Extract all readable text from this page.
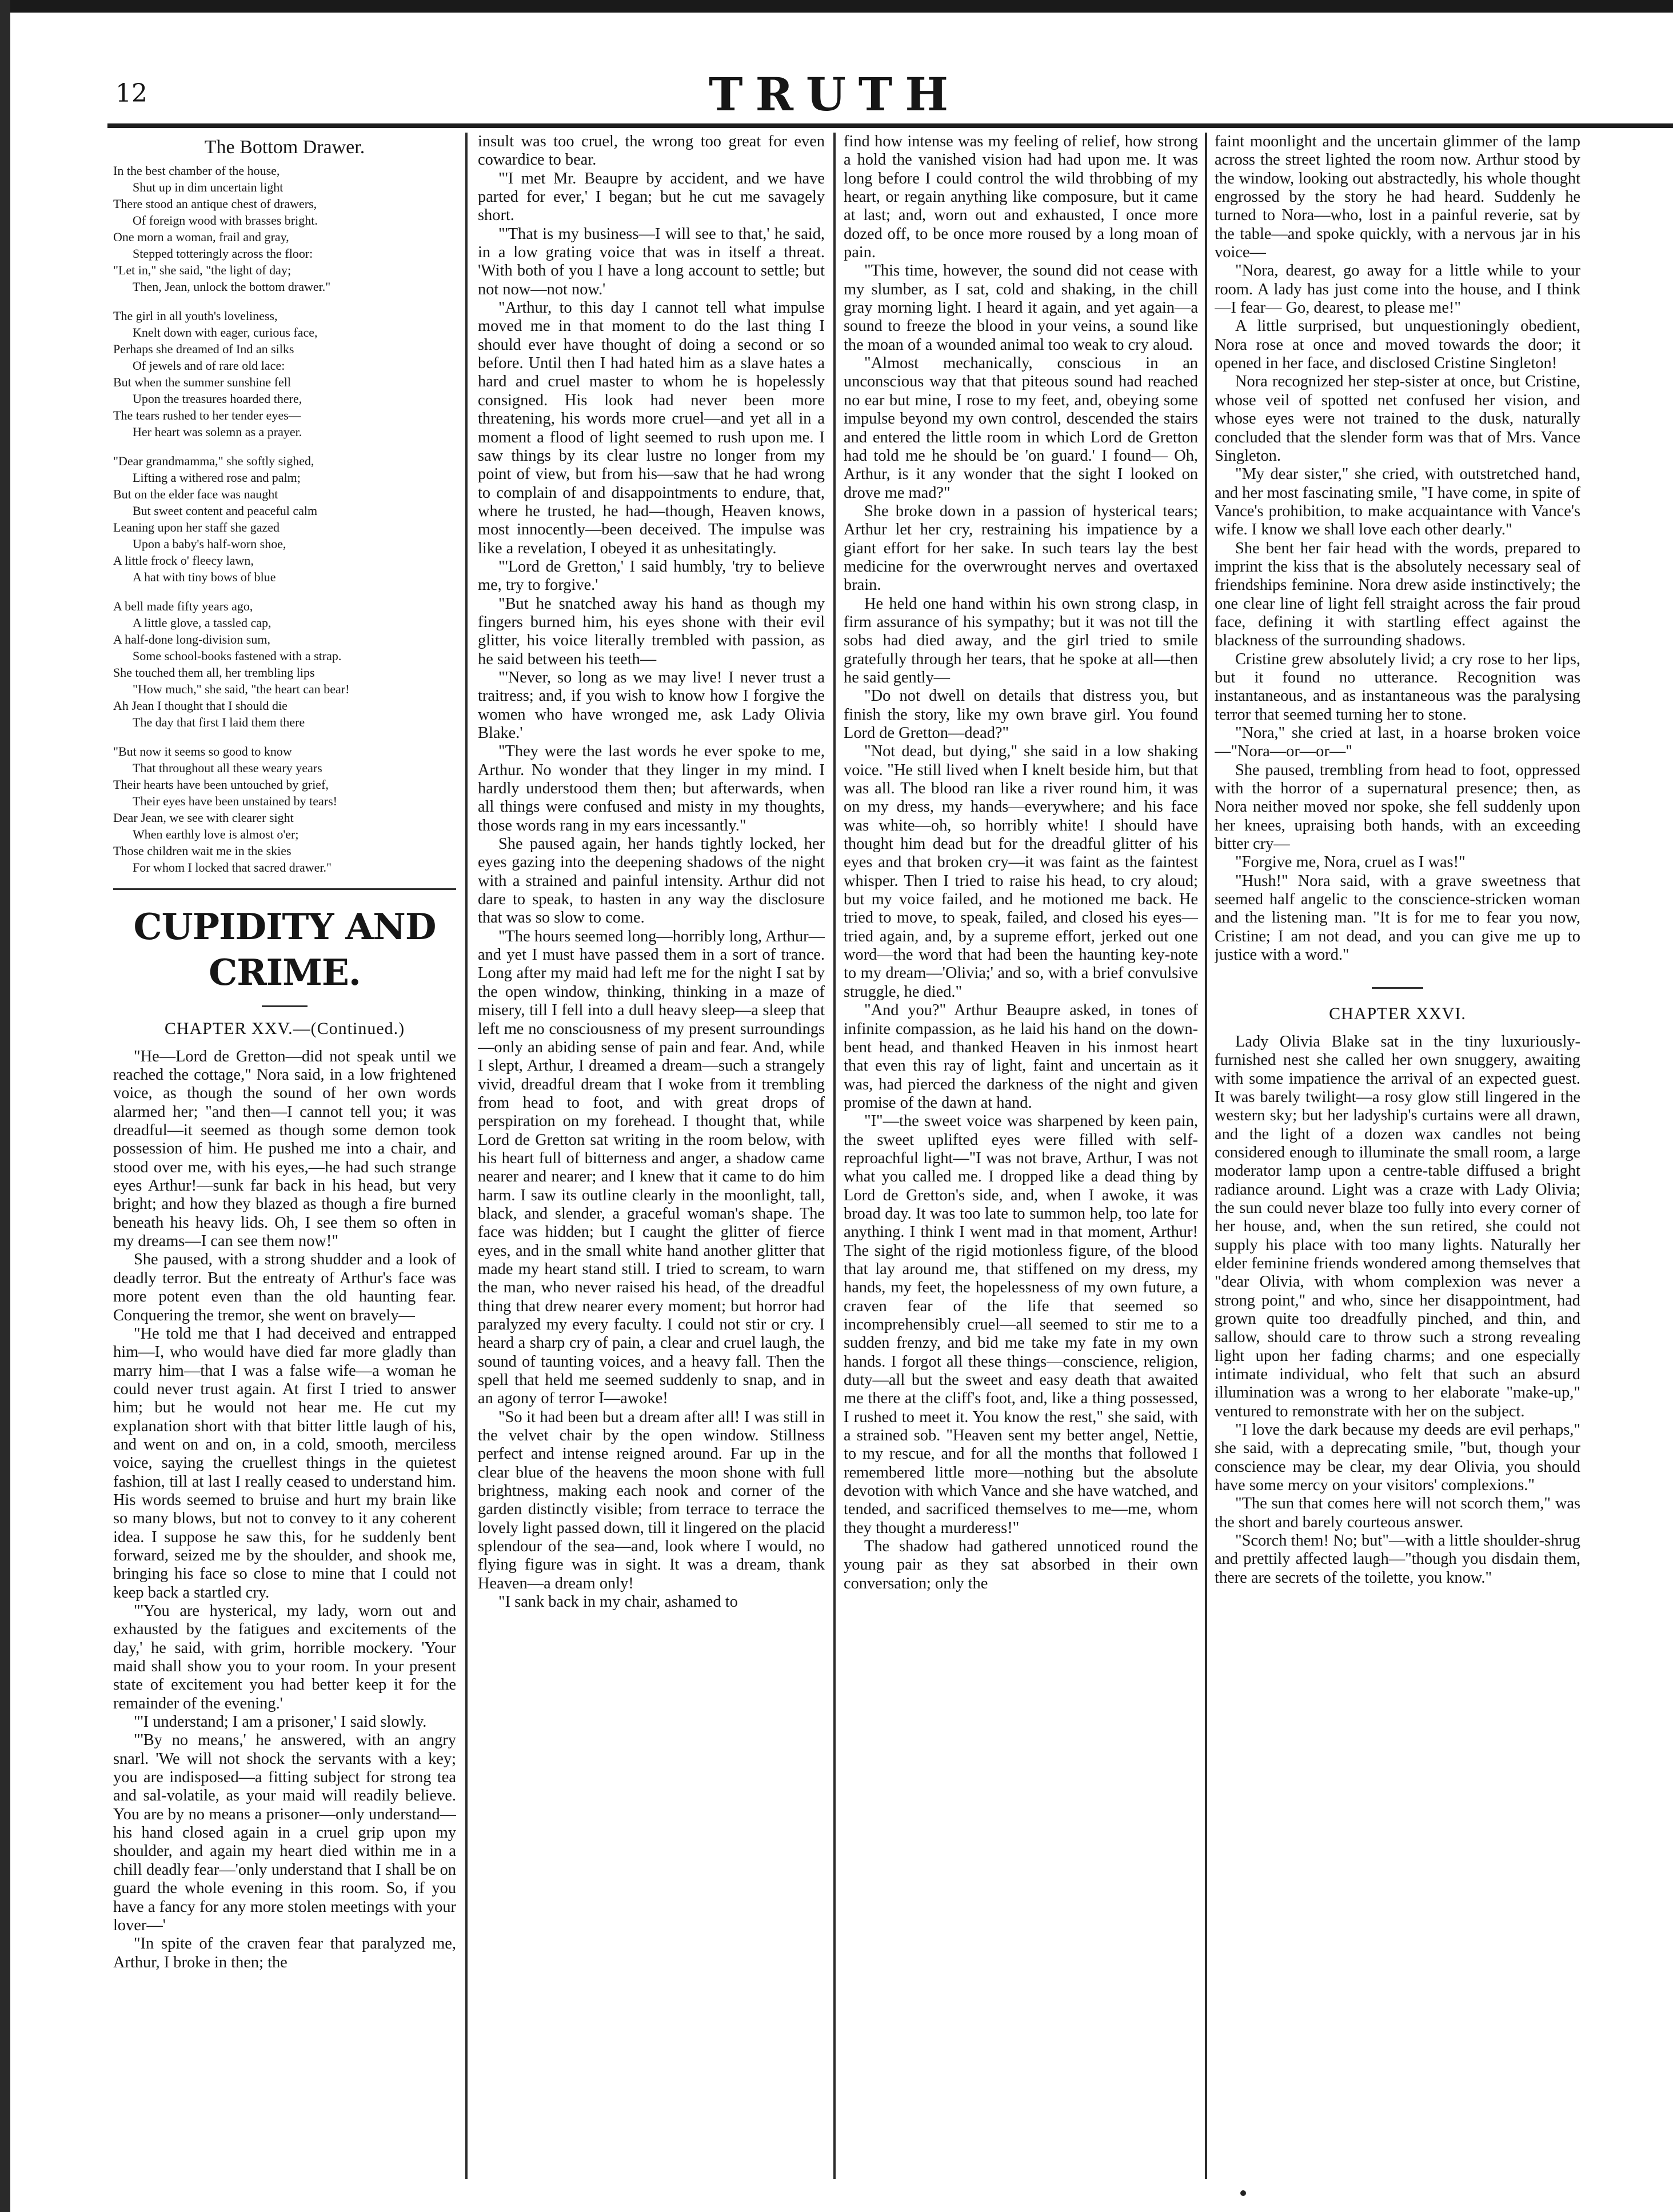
12	TRUTH
The Bottom Drawer.
In the best chamber of the house,
Shut up in dim uncertain light
There stood an antique chest of drawers,
Of foreign wood with brasses bright.
One morn a woman, frail and gray,
Stepped totteringly across the floor:
"Let in," she said, "the light of day;
Then, Jean, unlock the bottom drawer."
The girl in all youth's loveliness,
Knelt down with eager, curious face,
Perhaps she dreamed of Ind an silks
Of jewels and of rare old lace:
But when the summer sunshine fell
Upon the treasures hoarded there,
The tears rushed to her tender eyes—
Her heart was solemn as a prayer.
"Dear grandmamma," she softly sighed,
Lifting a withered rose and palm;
But on the elder face was naught
But sweet content and peaceful calm
Leaning upon her staff she gazed
Upon a baby's half-worn shoe,
A little frock o' fleecy lawn,
A hat with tiny bows of blue
A bell made fifty years ago,
A little glove, a tassled cap,
A half-done long-division sum,
Some school-books fastened with a strap.
She touched them all, her trembling lips
"How much," she said, "the heart can bear!
Ah Jean I thought that I should die
The day that first I laid them there
"But now it seems so good to know
That throughout all these weary years
Their hearts have been untouched by grief,
Their eyes have been unstained by tears!
Dear Jean, we see with clearer sight
When earthly love is almost o'er;
Those children wait me in the skies
For whom I locked that sacred drawer."
CUPIDITY AND CRIME.
CHAPTER XXV.—(Continued.)

"He—Lord de Gretton—did not speak until we reached the cottage," Nora said, in a low frightened voice, as though the sound of her own words alarmed her; "and then—I cannot tell you; it was dreadful—it seemed as though some demon took possession of him. He pushed me into a chair, and stood over me, with his eyes,—he had such strange eyes Arthur!—sunk far back in his head, but very bright; and how they blazed as though a fire burned beneath his heavy lids. Oh, I see them so often in my dreams—I can see them now!"

She paused, with a strong shudder and a look of deadly terror. But the entreaty of Arthur's face was more potent even than the old haunting fear. Conquering the tremor, she went on bravely—

"He told me that I had deceived and entrapped him—I, who would have died far more gladly than marry him—that I was a false wife—a woman he could never trust again. At first I tried to answer him; but he would not hear me. He cut my explanation short with that bitter little laugh of his, and went on and on, in a cold, smooth, merciless voice, saying the cruellest things in the quietest fashion, till at last I really ceased to understand him. His words seemed to bruise and hurt my brain like so many blows, but not to convey to it any coherent idea. I suppose he saw this, for he suddenly bent forward, seized me by the shoulder, and shook me, bringing his face so close to mine that I could not keep back a startled cry.

"'You are hysterical, my lady, worn out and exhausted by the fatigues and excitements of the day,' he said, with grim, horrible mockery. 'Your maid shall show you to your room. In your present state of excitement you had better keep it for the remainder of the evening.'

"'I understand; I am a prisoner,' I said slowly.

"'By no means,' he answered, with an angry snarl. 'We will not shock the servants with a key; you are indisposed—a fitting subject for strong tea and sal-volatile, as your maid will readily believe. You are by no means a prisoner—only understand—his hand closed again in a cruel grip upon my shoulder, and again my heart died within me in a chill deadly fear—'only understand that I shall be on guard the whole evening in this room. So, if you have a fancy for any more stolen meetings with your lover—'

"In spite of the craven fear that paralyzed me, Arthur, I broke in then; the

insult was too cruel, the wrong too great for even cowardice to bear.

"'I met Mr. Beaupre by accident, and we have parted for ever,' I began; but he cut me savagely short.

"'That is my business—I will see to that,' he said, in a low grating voice that was in itself a threat. 'With both of you I have a long account to settle; but not now—not now.'

"Arthur, to this day I cannot tell what impulse moved me in that moment to do the last thing I should ever have thought of doing a second or so before. Until then I had hated him as a slave hates a hard and cruel master to whom he is hopelessly consigned. His look had never been more threatening, his words more cruel—and yet all in a moment a flood of light seemed to rush upon me. I saw things by its clear lustre no longer from my point of view, but from his—saw that he had wrong to complain of and disappointments to endure, that, where he trusted, he had—though, Heaven knows, most innocently—been deceived. The impulse was like a revelation, I obeyed it as unhesitatingly.

"'Lord de Gretton,' I said humbly, 'try to believe me, try to forgive.'

"But he snatched away his hand as though my fingers burned him, his eyes shone with their evil glitter, his voice literally trembled with passion, as he said between his teeth—

"'Never, so long as we may live! I never trust a traitress; and, if you wish to know how I forgive the women who have wronged me, ask Lady Olivia Blake.'

"They were the last words he ever spoke to me, Arthur. No wonder that they linger in my mind. I hardly understood them then; but afterwards, when all things were confused and misty in my thoughts, those words rang in my ears incessantly."

She paused again, her hands tightly locked, her eyes gazing into the deepening shadows of the night with a strained and painful intensity. Arthur did not dare to speak, to hasten in any way the disclosure that was so slow to come.

"The hours seemed long—horribly long, Arthur—and yet I must have passed them in a sort of trance. Long after my maid had left me for the night I sat by the open window, thinking, thinking in a maze of misery, till I fell into a dull heavy sleep—a sleep that left me no consciousness of my present surroundings—only an abiding sense of pain and fear. And, while I slept, Arthur, I dreamed a dream—such a strangely vivid, dreadful dream that I woke from it trembling from head to foot, and with great drops of perspiration on my forehead. I thought that, while Lord de Gretton sat writing in the room below, with his heart full of bitterness and anger, a shadow came nearer and nearer; and I knew that it came to do him harm. I saw its outline clearly in the moonlight, tall, black, and slender, a graceful woman's shape. The face was hidden; but I caught the glitter of fierce eyes, and in the small white hand another glitter that made my heart stand still. I tried to scream, to warn the man, who never raised his head, of the dreadful thing that drew nearer every moment; but horror had paralyzed my every faculty. I could not stir or cry. I heard a sharp cry of pain, a clear and cruel laugh, the sound of taunting voices, and a heavy fall. Then the spell that held me seemed suddenly to snap, and in an agony of terror I—awoke!

"So it had been but a dream after all! I was still in the velvet chair by the open window. Stillness perfect and intense reigned around. Far up in the clear blue of the heavens the moon shone with full brightness, making each nook and corner of the garden distinctly visible; from terrace to terrace the lovely light passed down, till it lingered on the placid splendour of the sea—and, look where I would, no flying figure was in sight. It was a dream, thank Heaven—a dream only!

"I sank back in my chair, ashamed to

find how intense was my feeling of relief, how strong a hold the vanished vision had had upon me. It was long before I could control the wild throbbing of my heart, or regain anything like composure, but it came at last; and, worn out and exhausted, I once more dozed off, to be once more roused by a long moan of pain.

"This time, however, the sound did not cease with my slumber, as I sat, cold and shaking, in the chill gray morning light. I heard it again, and yet again—a sound to freeze the blood in your veins, a sound like the moan of a wounded animal too weak to cry aloud.

"Almost mechanically, conscious in an unconscious way that that piteous sound had reached no ear but mine, I rose to my feet, and, obeying some impulse beyond my own control, descended the stairs and entered the little room in which Lord de Gretton had told me he should be 'on guard.' I found— Oh, Arthur, is it any wonder that the sight I looked on drove me mad?"

She broke down in a passion of hysterical tears; Arthur let her cry, restraining his impatience by a giant effort for her sake. In such tears lay the best medicine for the overwrought nerves and overtaxed brain.

He held one hand within his own strong clasp, in firm assurance of his sympathy; but it was not till the sobs had died away, and the girl tried to smile gratefully through her tears, that he spoke at all—then he said gently—

"Do not dwell on details that distress you, but finish the story, like my own brave girl. You found Lord de Gretton—dead?"

"Not dead, but dying," she said in a low shaking voice. "He still lived when I knelt beside him, but that was all. The blood ran like a river round him, it was on my dress, my hands—everywhere; and his face was white—oh, so horribly white! I should have thought him dead but for the dreadful glitter of his eyes and that broken cry—it was faint as the faintest whisper. Then I tried to raise his head, to cry aloud; but my voice failed, and he motioned me back. He tried to move, to speak, failed, and closed his eyes—tried again, and, by a supreme effort, jerked out one word—the word that had been the haunting key-note to my dream—'Olivia;' and so, with a brief convulsive struggle, he died."

"And you?" Arthur Beaupre asked, in tones of infinite compassion, as he laid his hand on the down-bent head, and thanked Heaven in his inmost heart that even this ray of light, faint and uncertain as it was, had pierced the darkness of the night and given promise of the dawn at hand.

"I"—the sweet voice was sharpened by keen pain, the sweet uplifted eyes were filled with self-reproachful light—"I was not brave, Arthur, I was not what you called me. I dropped like a dead thing by Lord de Gretton's side, and, when I awoke, it was broad day. It was too late to summon help, too late for anything. I think I went mad in that moment, Arthur! The sight of the rigid motionless figure, of the blood that lay around me, that stiffened on my dress, my hands, my feet, the hopelessness of my own future, a craven fear of the life that seemed so incomprehensibly cruel—all seemed to stir me to a sudden frenzy, and bid me take my fate in my own hands. I forgot all these things—conscience, religion, duty—all but the sweet and easy death that awaited me there at the cliff's foot, and, like a thing possessed, I rushed to meet it. You know the rest," she said, with a strained sob. "Heaven sent my better angel, Nettie, to my rescue, and for all the months that followed I remembered little more—nothing but the absolute devotion with which Vance and she have watched, and tended, and sacrificed themselves to me—me, whom they thought a murderess!"

The shadow had gathered unnoticed round the young pair as they sat absorbed in their own conversation; only the

faint moonlight and the uncertain glimmer of the lamp across the street lighted the room now. Arthur stood by the window, looking out abstractedly, his whole thought engrossed by the story he had heard. Suddenly he turned to Nora—who, lost in a painful reverie, sat by the table—and spoke quickly, with a nervous jar in his voice—

"Nora, dearest, go away for a little while to your room. A lady has just come into the house, and I think—I fear— Go, dearest, to please me!"

A little surprised, but unquestioningly obedient, Nora rose at once and moved towards the door; it opened in her face, and disclosed Cristine Singleton!

Nora recognized her step-sister at once, but Cristine, whose veil of spotted net confused her vision, and whose eyes were not trained to the dusk, naturally concluded that the slender form was that of Mrs. Vance Singleton.

"My dear sister," she cried, with outstretched hand, and her most fascinating smile, "I have come, in spite of Vance's prohibition, to make acquaintance with Vance's wife. I know we shall love each other dearly."

She bent her fair head with the words, prepared to imprint the kiss that is the absolutely necessary seal of friendships feminine. Nora drew aside instinctively; the one clear line of light fell straight across the fair proud face, defining it with startling effect against the blackness of the surrounding shadows.

Cristine grew absolutely livid; a cry rose to her lips, but it found no utterance. Recognition was instantaneous, and as instantaneous was the paralysing terror that seemed turning her to stone.

"Nora," she cried at last, in a hoarse broken voice—"Nora—or—or—"

She paused, trembling from head to foot, oppressed with the horror of a supernatural presence; then, as Nora neither moved nor spoke, she fell suddenly upon her knees, upraising both hands, with an exceeding bitter cry—

"Forgive me, Nora, cruel as I was!"

"Hush!" Nora said, with a grave sweetness that seemed half angelic to the conscience-stricken woman and the listening man. "It is for me to fear you now, Cristine; I am not dead, and you can give me up to justice with a word."

CHAPTER XXVI.

Lady Olivia Blake sat in the tiny luxuriously-furnished nest she called her own snuggery, awaiting with some impatience the arrival of an expected guest. It was barely twilight—a rosy glow still lingered in the western sky; but her ladyship's curtains were all drawn, and the light of a dozen wax candles not being considered enough to illuminate the small room, a large moderator lamp upon a centre-table diffused a bright radiance around. Light was a craze with Lady Olivia; the sun could never blaze too fully into every corner of her house, and, when the sun retired, she could not supply his place with too many lights. Naturally her elder feminine friends wondered among themselves that "dear Olivia, with whom complexion was never a strong point," and who, since her disappointment, had grown quite too dreadfully pinched, and thin, and sallow, should care to throw such a strong revealing light upon her fading charms; and one especially intimate individual, who felt that such an absurd illumination was a wrong to her elaborate "make-up," ventured to remonstrate with her on the subject.

"I love the dark because my deeds are evil perhaps," she said, with a deprecating smile, "but, though your conscience may be clear, my dear Olivia, you should have some mercy on your visitors' complexions."

"The sun that comes here will not scorch them," was the short and barely courteous answer.

"Scorch them! No; but"—with a little shoulder-shrug and prettily affected laugh—"though you disdain them, there are secrets of the toilette, you know."
